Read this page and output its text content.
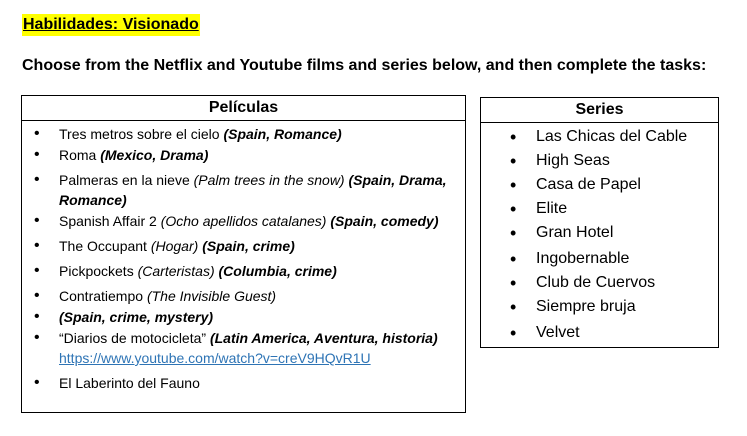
Habilidades: Visionado
Choose from the Netflix and Youtube films and series below, and then complete the tasks:
Películas
• Tres metros sobre el cielo (Spain, Romance)
• Roma (Mexico, Drama)
• Palmeras en la nieve (Palm trees in the snow) (Spain, Drama, Romance)
• Spanish Affair 2 (Ocho apellidos catalanes) (Spain, comedy)
• The Occupant (Hogar) (Spain, crime)
• Pickpockets (Carteristas) (Columbia, crime)
• Contratiempo (The Invisible Guest)
• (Spain, crime, mystery)
• “Diarios de motocicleta” (Latin America, Aventura, historia)
https://www.youtube.com/watch?v=creV9HQvR1U
• El Laberinto del Fauno
Series
• Las Chicas del Cable
• High Seas
• Casa de Papel
• Elite
• Gran Hotel
• Ingobernable
• Club de Cuervos
• Siempre bruja
• Velvet
